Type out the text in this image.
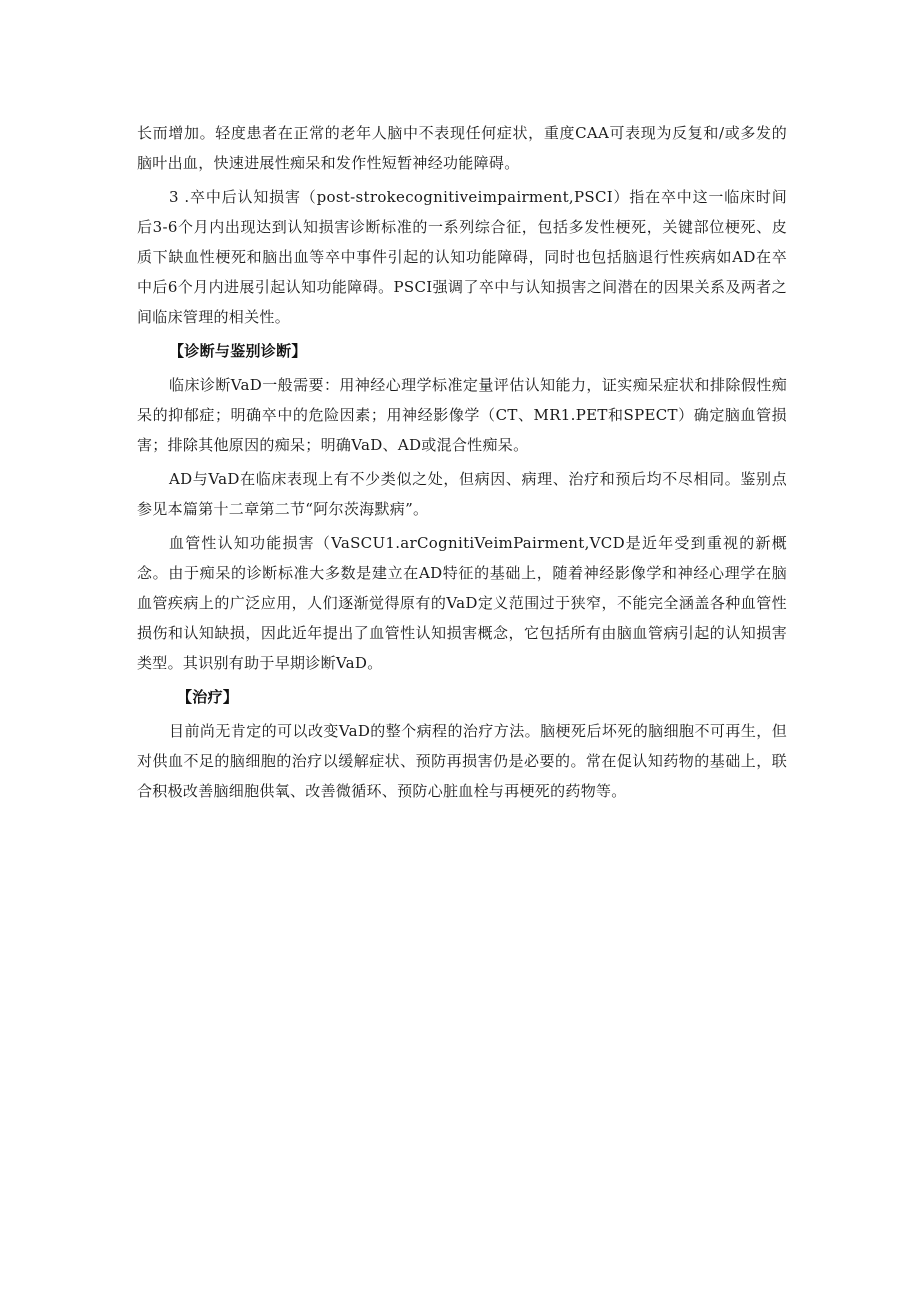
长而增加。轻度患者在正常的老年人脑中不表现任何症状，重度CAA可表现为反复和/或多发的脑叶出血，快速进展性痴呆和发作性短暂神经功能障碍。

3 .卒中后认知损害（post-strokecognitiveimpairment,PSCI）指在卒中这一临床时间后3-6个月内出现达到认知损害诊断标准的一系列综合征，包括多发性梗死，关键部位梗死、皮质下缺血性梗死和脑出血等卒中事件引起的认知功能障碍，同时也包括脑退行性疾病如AD在卒中后6个月内进展引起认知功能障碍。PSCI强调了卒中与认知损害之间潜在的因果关系及两者之间临床管理的相关性。

【诊断与鉴别诊断】

临床诊断VaD一般需要：用神经心理学标准定量评估认知能力，证实痴呆症状和排除假性痴呆的抑郁症；明确卒中的危险因素；用神经影像学（CT、MR1.PET和SPECT）确定脑血管损害；排除其他原因的痴呆；明确VaD、AD或混合性痴呆。

AD与VaD在临床表现上有不少类似之处，但病因、病理、治疗和预后均不尽相同。鉴别点参见本篇第十二章第二节“阿尔茨海默病”。

血管性认知功能损害（VaSCU1.arCognitiVeimPairment,VCD是近年受到重视的新概念。由于痴呆的诊断标准大多数是建立在AD特征的基础上，随着神经影像学和神经心理学在脑血管疾病上的广泛应用，人们逐渐觉得原有的VaD定义范围过于狭窄，不能完全涵盖各种血管性损伤和认知缺损，因此近年提出了血管性认知损害概念，它包括所有由脑血管病引起的认知损害类型。其识别有助于早期诊断VaD。

【治疗】

目前尚无肯定的可以改变VaD的整个病程的治疗方法。脑梗死后坏死的脑细胞不可再生，但对供血不足的脑细胞的治疗以缓解症状、预防再损害仍是必要的。常在促认知药物的基础上，联合积极改善脑细胞供氧、改善微循环、预防心脏血栓与再梗死的药物等。
